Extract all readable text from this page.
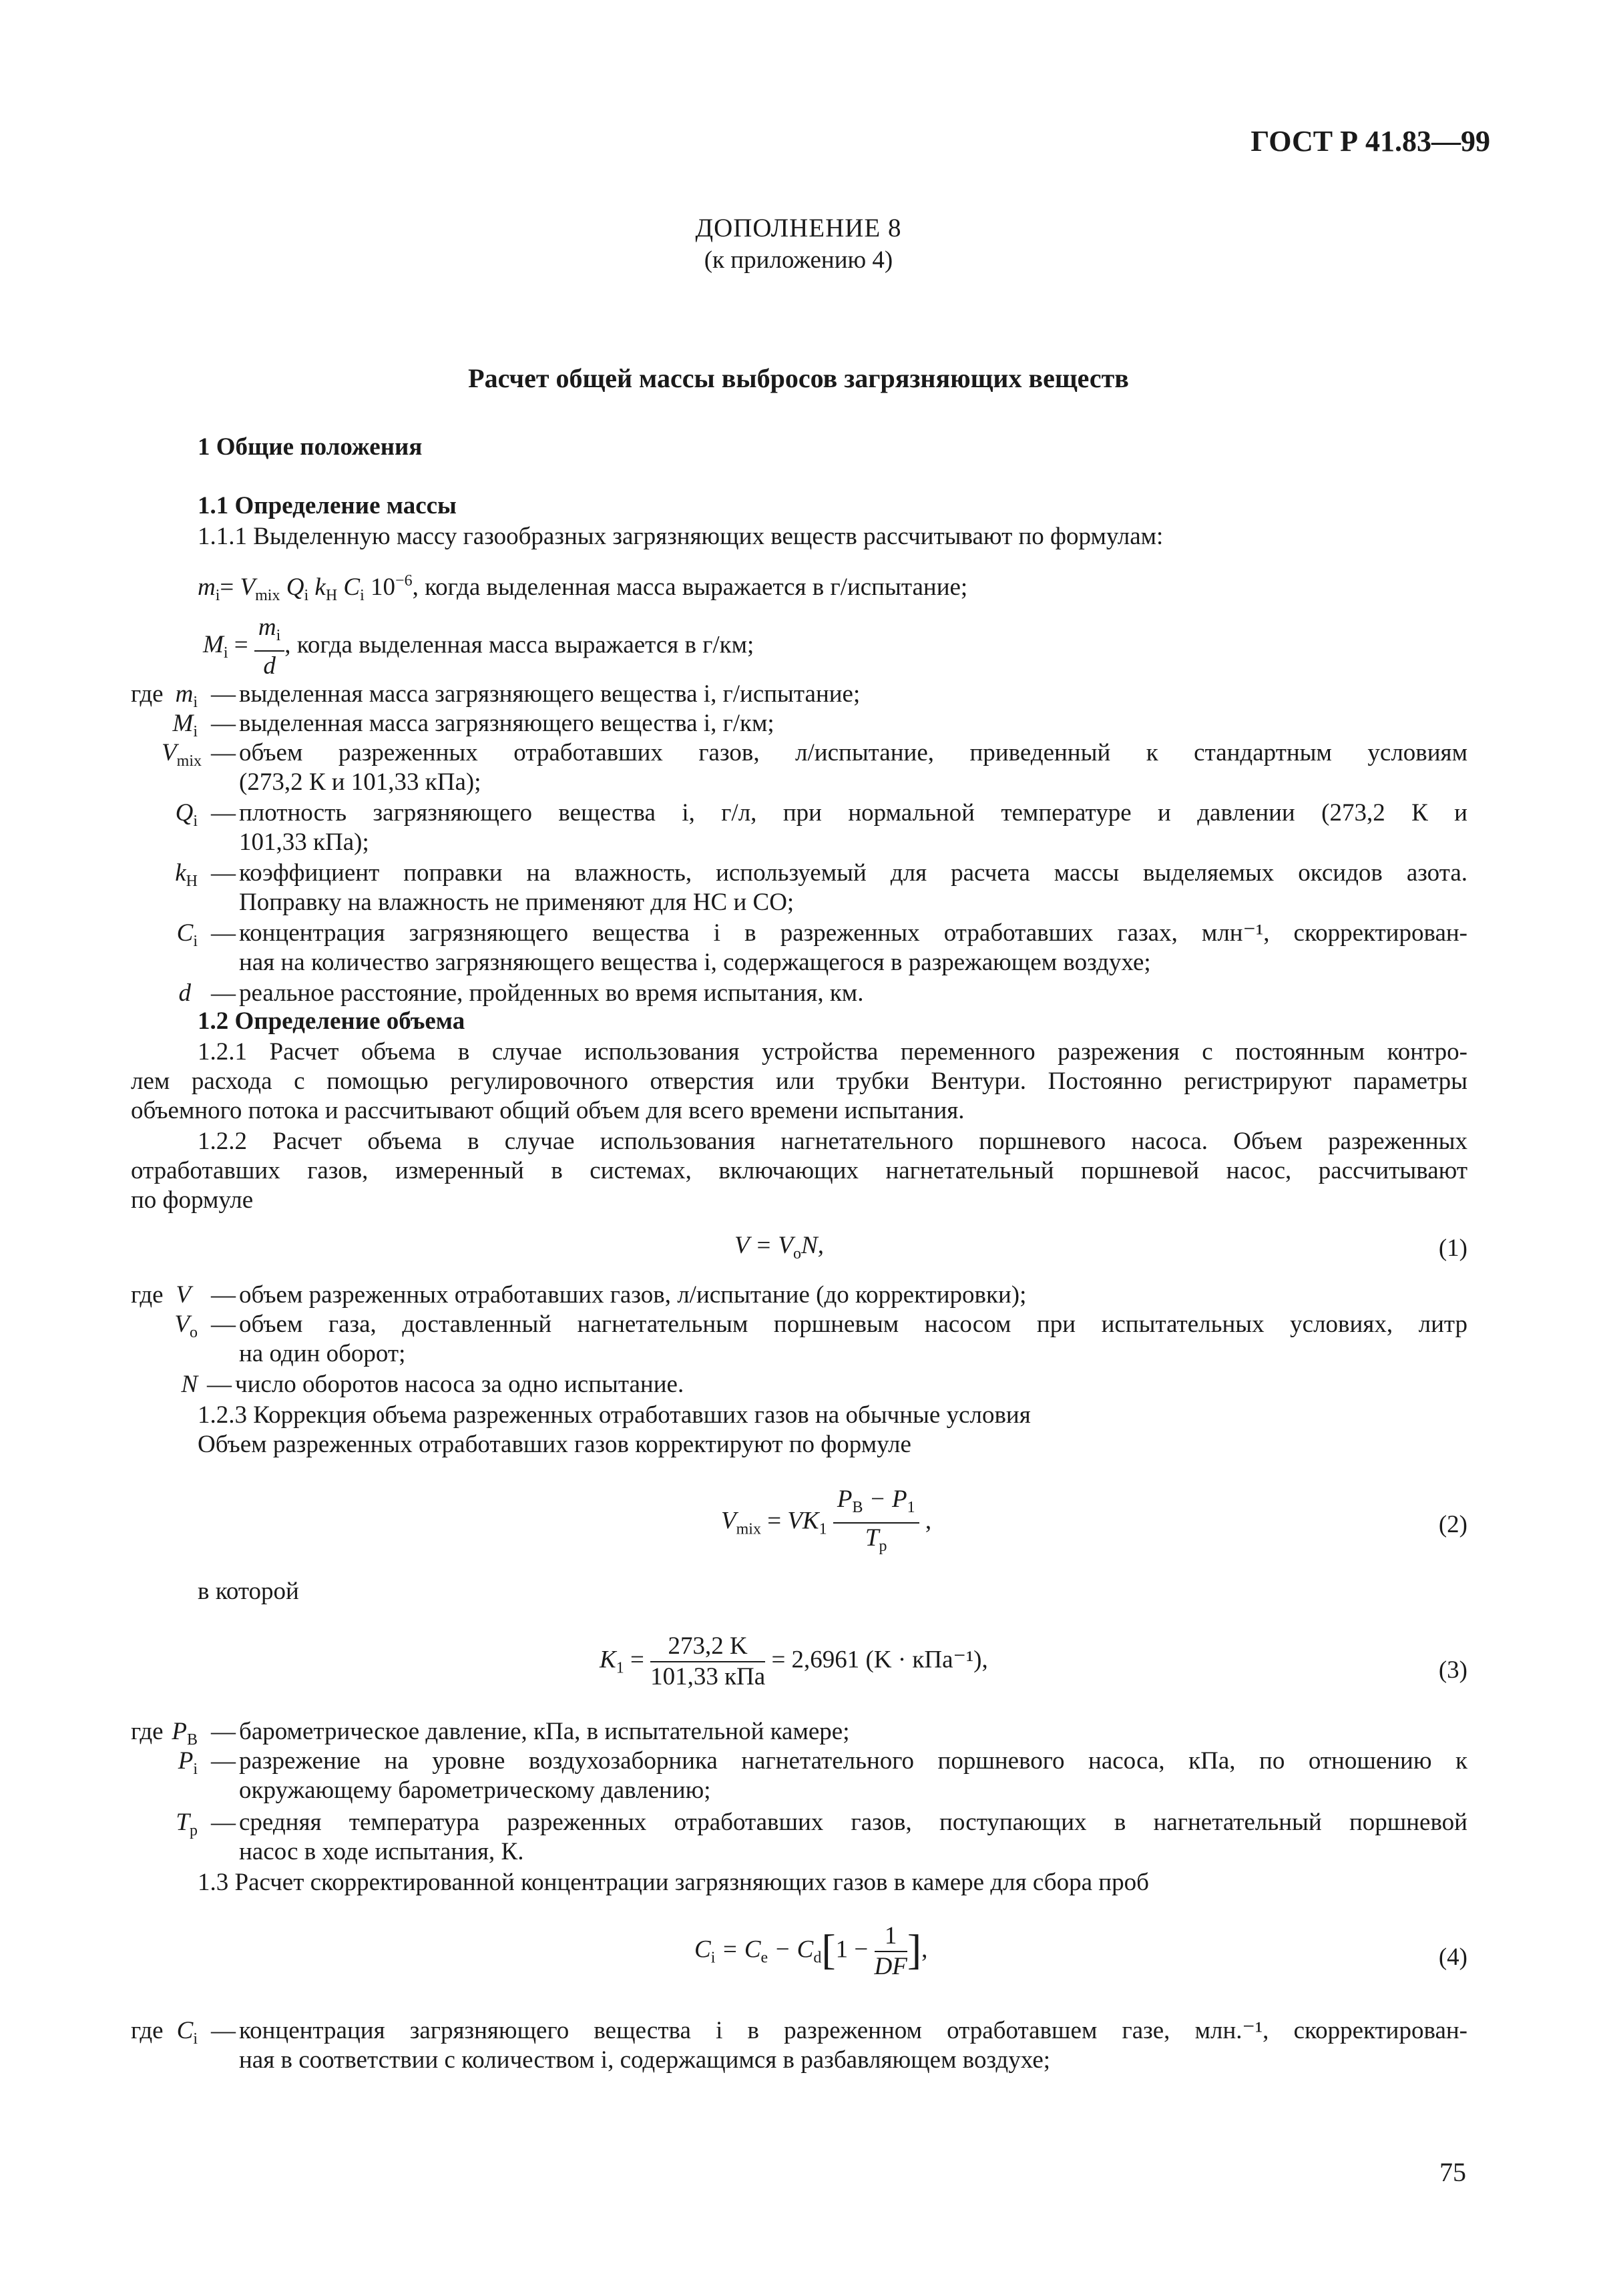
ГОСТ Р 41.83—99
ДОПОЛНЕНИЕ 8
(к приложению 4)
Расчет общей массы выбросов загрязняющих веществ
1 Общие положения
1.1 Определение массы
1.1.1 Выделенную массу газообразных загрязняющих веществ рассчитывают по формулам:
$m_i= V_{mix}$ $Q_i$ $k_H$ $C_i$ $10^{-6}$, когда выделенная масса выражается в г/испытание;
$M_i = \frac{m_i}{d}$ , когда выделенная масса выражается в г/км;
где $m_i$ — выделенная масса загрязняющего вещества i, г/испытание;
$M_i$ — выделенная масса загрязняющего вещества i, г/км;
$V_{mix}$ — объем разреженных отработавших газов, л/испытание, приведенный к стандартным условиям
(273,2 К и 101,33 кПа);
$Q_i$ — плотность загрязняющего вещества i, г/л, при нормальной температуре и давлении (273,2 К и
101,33 кПа);
$k_H$ — коэффициент поправки на влажность, используемый для расчета массы выделяемых оксидов азота.
Поправку на влажность не применяют для НС и СО;
$C_i$ — концентрация загрязняющего вещества i в разреженных отработавших газах, млн⁻¹, скорректирован-
ная на количество загрязняющего вещества i, содержащегося в разрежающем воздухе;
d — реальное расстояние, пройденных во время испытания, км.
1.2 Определение объема
1.2.1 Расчет объема в случае использования устройства переменного разрежения с постоянным контро-
лем расхода с помощью регулировочного отверстия или трубки Вентури. Постоянно регистрируют параметры
объемного потока и рассчитывают общий объем для всего времени испытания.
1.2.2 Расчет объема в случае использования нагнетательного поршневого насоса. Объем разреженных
отработавших газов, измеренный в системах, включающих нагнетательный поршневой насос, рассчитывают
по формуле
$V = V_oN$,	(1)
где V — объем разреженных отработавших газов, л/испытание (до корректировки);
$V_o$ — объем газа, доставленный нагнетательным поршневым насосом при испытательных условиях, литр
на один оборот;
N — число оборотов насоса за одно испытание.
1.2.3 Коррекция объема разреженных отработавших газов на обычные условия
Объем разреженных отработавших газов корректируют по формуле
$V_{mix} = VK_1 \frac{P_B - P_1}{T_p}$ ,	(2)
в которой
$K_1 = \frac{273,2 K}{\text{101,33 кПа}} = 2,6961$ (K · кПа⁻¹),	(3)
где $P_B$ — барометрическое давление, кПа, в испытательной камере;
$P_i$ — разрежение на уровне воздухозаборника нагнетательного поршневого насоса, кПа, по отношению к
окружающему барометрическому давлению;
$T_p$ — средняя температура разреженных отработавших газов, поступающих в нагнетательный поршневой
насос в ходе испытания, К.
1.3 Расчет скорректированной концентрации загрязняющих газов в камере для сбора проб
$C_i = C_e - C_d[1 - \frac{1}{DF}$ ],	(4)
где $C_i$ — концентрация загрязняющего вещества i в разреженном отработавшем газе, млн.⁻¹, скорректирован-
ная в соответствии с количеством i, содержащимся в разбавляющем воздухе;
75
